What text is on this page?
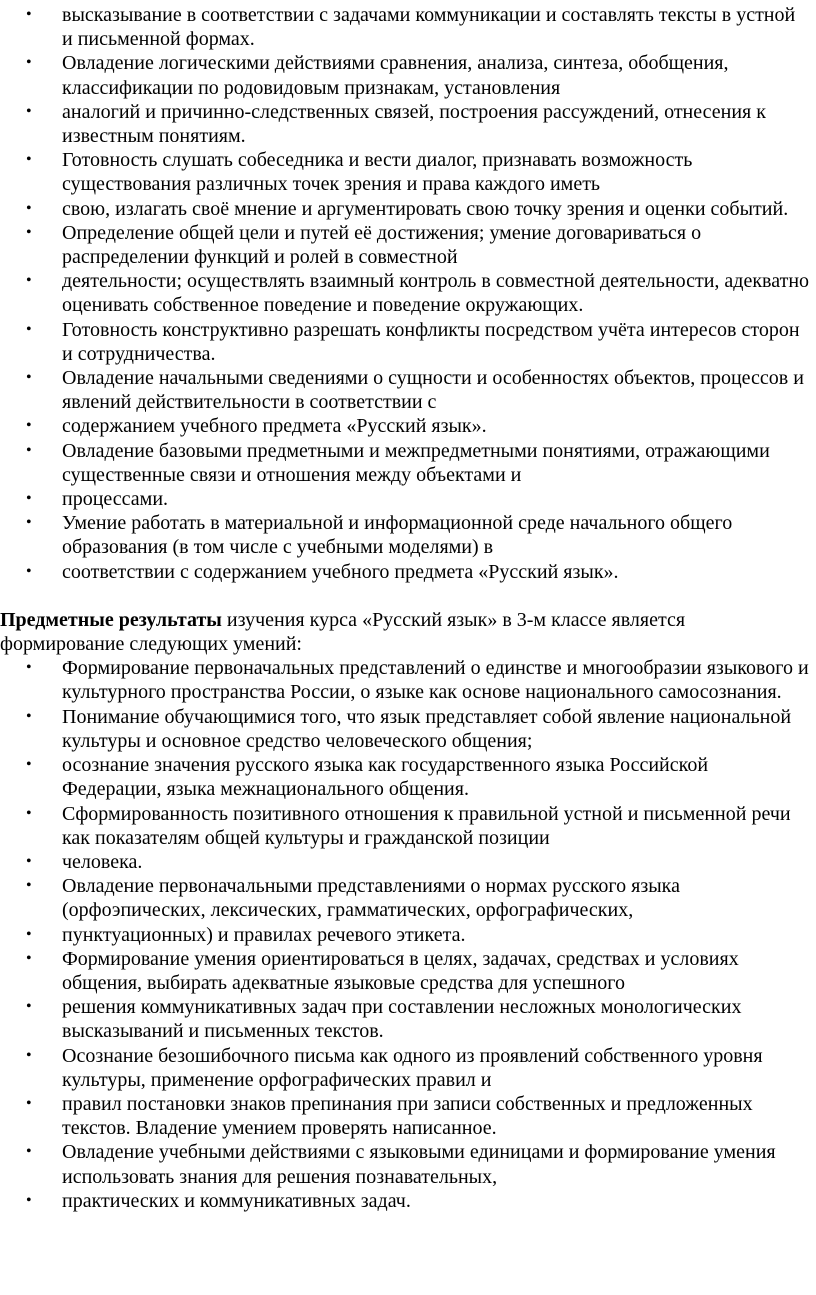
• высказывание в соответствии с задачами коммуникации и составлять тексты в устной и письменной формах.
• Овладение логическими действиями сравнения, анализа, синтеза, обобщения, классификации по родовидовым признакам, установления
• аналогий и причинно-следственных связей, построения рассуждений, отнесения к известным понятиям.
• Готовность слушать собеседника и вести диалог, признавать возможность существования различных точек зрения и права каждого иметь
• свою, излагать своё мнение и аргументировать свою точку зрения и оценки событий.
• Определение общей цели и путей её достижения; умение договариваться о распределении функций и ролей в совместной
• деятельности; осуществлять взаимный контроль в совместной деятельности, адекватно оценивать собственное поведение и поведение окружающих.
• Готовность конструктивно разрешать конфликты посредством учёта интересов сторон и сотрудничества.
• Овладение начальными сведениями о сущности и особенностях объектов, процессов и явлений действительности в соответствии с
• содержанием учебного предмета «Русский язык».
• Овладение базовыми предметными и межпредметными понятиями, отражающими существенные связи и отношения между объектами и
• процессами.
• Умение работать в материальной и информационной среде начального общего образования (в том числе с учебными моделями) в
• соответствии с содержанием учебного предмета «Русский язык».
Предметные результаты изучения курса «Русский язык» в 3-м классе является формирование следующих умений:
• Формирование первоначальных представлений о единстве и многообразии языкового и культурного пространства России, о языке как основе национального самосознания.
• Понимание обучающимися того, что язык представляет собой явление национальной культуры и основное средство человеческого общения;
• осознание значения русского языка как государственного языка Российской Федерации, языка межнационального общения.
• Сформированность позитивного отношения к правильной устной и письменной речи как показателям общей культуры и гражданской позиции
• человека.
• Овладение первоначальными представлениями о нормах русского языка (орфоэпических, лексических, грамматических, орфографических,
• пунктуационных) и правилах речевого этикета.
• Формирование умения ориентироваться в целях, задачах, средствах и условиях общения, выбирать адекватные языковые средства для успешного
• решения коммуникативных задач при составлении несложных монологических высказываний и письменных текстов.
• Осознание безошибочного письма как одного из проявлений собственного уровня культуры, применение орфографических правил и
• правил постановки знаков препинания при записи собственных и предложенных текстов. Владение умением проверять написанное.
• Овладение учебными действиями с языковыми единицами и формирование умения использовать знания для решения познавательных,
• практических и коммуникативных задач.
